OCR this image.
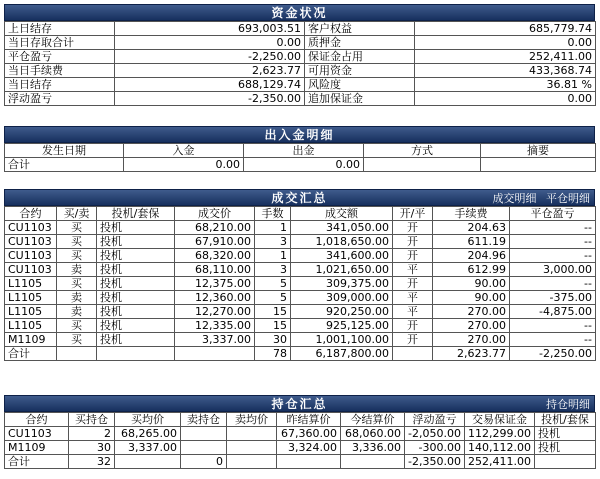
资金状况
上日结存	693,003.51	客户权益	685,779.74
当日存取合计	0.00	质押金	0.00
平仓盈亏	-2,250.00	保证金占用	252,411.00
当日手续费	2,623.77	可用资金	433,368.74
当日结存	688,129.74	风险度	36.81 %
浮动盈亏	-2,350.00	追加保证金	0.00
出入金明细
发生日期	入金	出金	方式	摘要
合计	0.00	0.00		
成交汇总	成交明细 平仓明细
合约	买/卖	投机/套保	成交价	手数	成交额	开/平	手续费	平仓盈亏
CU1103	买	投机	68,210.00	1	341,050.00	开	204.63	--
CU1103	买	投机	67,910.00	3	1,018,650.00	开	611.19	--
CU1103	买	投机	68,320.00	1	341,600.00	开	204.96	--
CU1103	卖	投机	68,110.00	3	1,021,650.00	平	612.99	3,000.00
L1105	买	投机	12,375.00	5	309,375.00	开	90.00	--
L1105	卖	投机	12,360.00	5	309,000.00	平	90.00	-375.00
L1105	卖	投机	12,270.00	15	920,250.00	平	270.00	-4,875.00
L1105	买	投机	12,335.00	15	925,125.00	开	270.00	--
M1109	买	投机	3,337.00	30	1,001,100.00	开	270.00	--
合计				78	6,187,800.00		2,623.77	-2,250.00
持仓汇总	持仓明细
合约	买持仓	买均价	卖持仓	卖均价	昨结算价	今结算价	浮动盈亏	交易保证金	投机/套保
CU1103	2	68,265.00			67,360.00	68,060.00	-2,050.00	112,299.00	投机
M1109	30	3,337.00			3,324.00	3,336.00	-300.00	140,112.00	投机
合计	32		0				-2,350.00	252,411.00	
